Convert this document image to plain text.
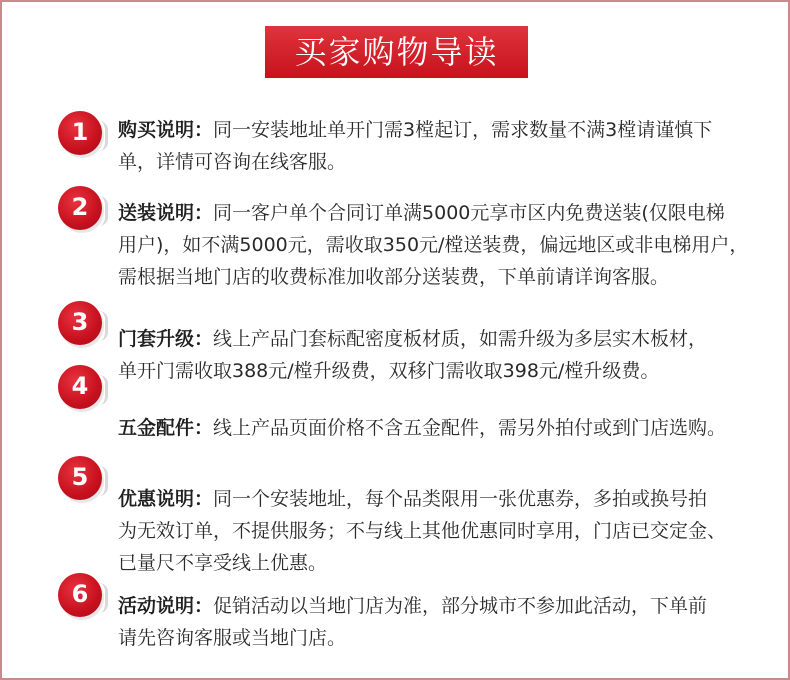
买家购物导读
1
2
3
4
5
6
购买说明：同一安装地址单开门需3樘起订，需求数量不满3樘请谨慎下
单，详情可咨询在线客服。
送装说明：同一客户单个合同订单满5000元享市区内免费送装(仅限电梯
用户)，如不满5000元，需收取350元/樘送装费，偏远地区或非电梯用户，
需根据当地门店的收费标准加收部分送装费，下单前请详询客服。
门套升级：线上产品门套标配密度板材质，如需升级为多层实木板材，
单开门需收取388元/樘升级费，双移门需收取398元/樘升级费。
五金配件：线上产品页面价格不含五金配件，需另外拍付或到门店选购。
优惠说明：同一个安装地址，每个品类限用一张优惠券，多拍或换号拍
为无效订单，不提供服务；不与线上其他优惠同时享用，门店已交定金、
已量尺不享受线上优惠。
活动说明：促销活动以当地门店为准，部分城市不参加此活动，下单前
请先咨询客服或当地门店。
